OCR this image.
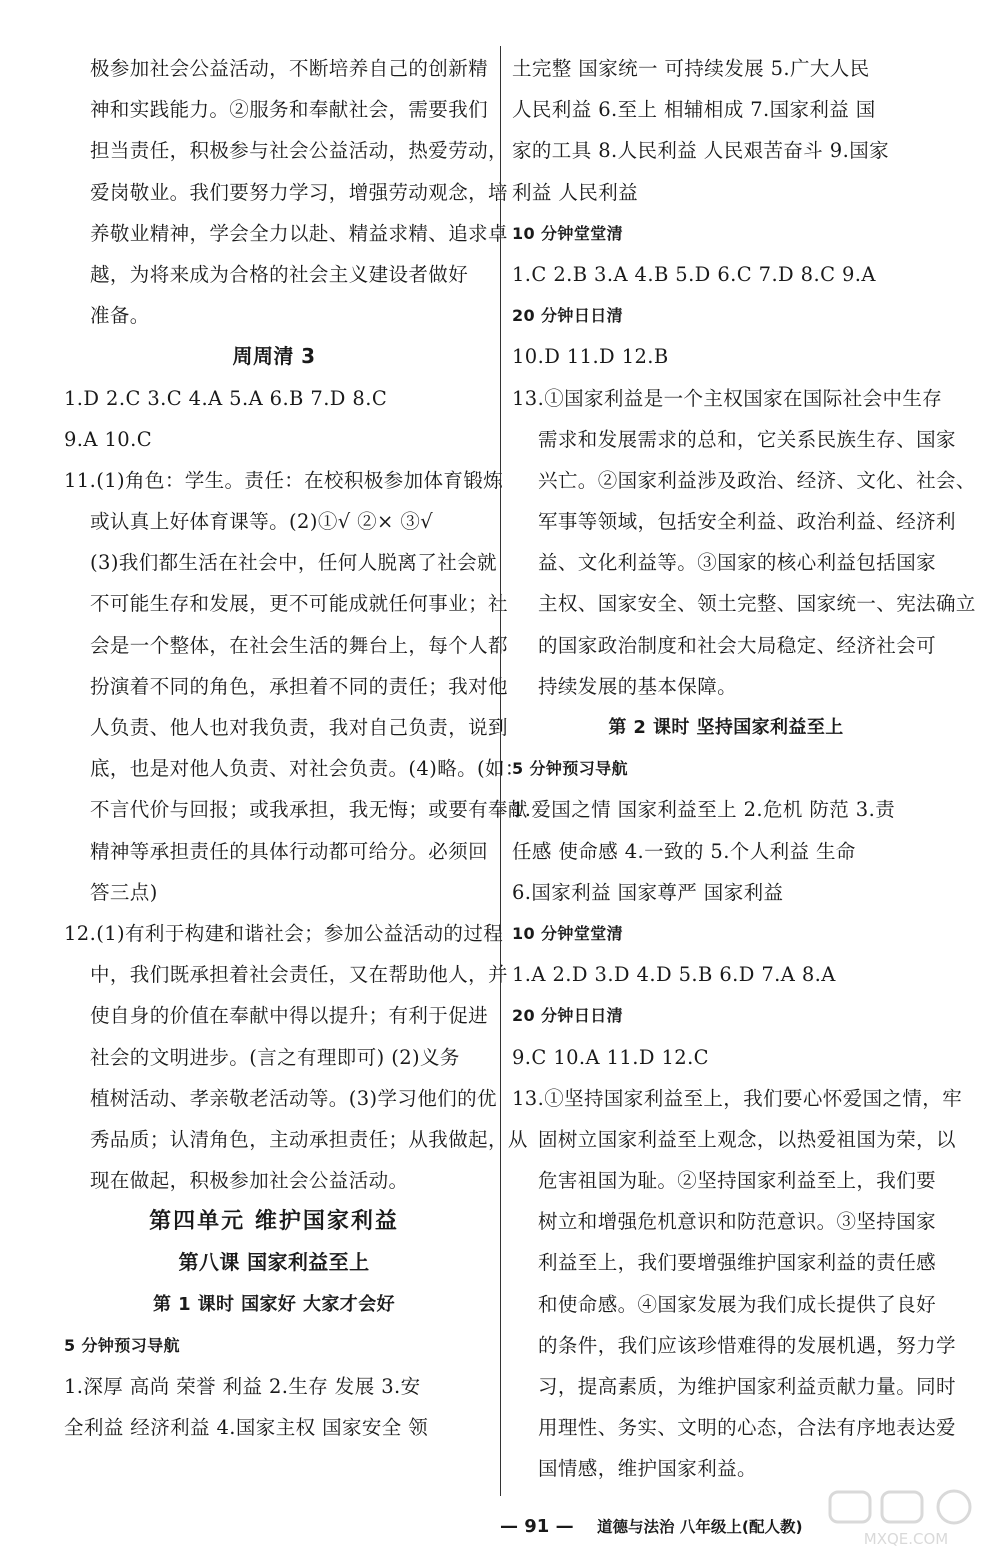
极参加社会公益活动，不断培养自己的创新精
神和实践能力。②服务和奉献社会，需要我们
担当责任，积极参与社会公益活动，热爱劳动，
爱岗敬业。我们要努力学习，增强劳动观念，培
养敬业精神，学会全力以赴、精益求精、追求卓
越，为将来成为合格的社会主义建设者做好
准备。
周周清 3
1.D 2.C 3.C 4.A 5.A 6.B 7.D 8.C
9.A 10.C
11.(1)角色：学生。责任：在校积极参加体育锻炼
或认真上好体育课等。(2)①√ ②× ③√
(3)我们都生活在社会中，任何人脱离了社会就
不可能生存和发展，更不可能成就任何事业；社
会是一个整体，在社会生活的舞台上，每个人都
扮演着不同的角色，承担着不同的责任；我对他
人负责、他人也对我负责，我对自己负责，说到
底，也是对他人负责、对社会负责。(4)略。(如：
不言代价与回报；或我承担，我无悔；或要有奉献
精神等承担责任的具体行动都可给分。必须回
答三点)
12.(1)有利于构建和谐社会；参加公益活动的过程
中，我们既承担着社会责任，又在帮助他人，并
使自身的价值在奉献中得以提升；有利于促进
社会的文明进步。(言之有理即可) (2)义务
植树活动、孝亲敬老活动等。(3)学习他们的优
秀品质；认清角色，主动承担责任；从我做起，从
现在做起，积极参加社会公益活动。
第四单元 维护国家利益
第八课 国家利益至上
第 1 课时 国家好 大家才会好
5 分钟预习导航
1.深厚 高尚 荣誉 利益 2.生存 发展 3.安
全利益 经济利益 4.国家主权 国家安全 领
土完整 国家统一 可持续发展 5.广大人民
人民利益 6.至上 相辅相成 7.国家利益 国
家的工具 8.人民利益 人民艰苦奋斗 9.国家
利益 人民利益
10 分钟堂堂清
1.C 2.B 3.A 4.B 5.D 6.C 7.D 8.C 9.A
20 分钟日日清
10.D 11.D 12.B
13.①国家利益是一个主权国家在国际社会中生存
需求和发展需求的总和，它关系民族生存、国家
兴亡。②国家利益涉及政治、经济、文化、社会、
军事等领域，包括安全利益、政治利益、经济利
益、文化利益等。③国家的核心利益包括国家
主权、国家安全、领土完整、国家统一、宪法确立
的国家政治制度和社会大局稳定、经济社会可
持续发展的基本保障。
第 2 课时 坚持国家利益至上
5 分钟预习导航
1.爱国之情 国家利益至上 2.危机 防范 3.责
任感 使命感 4.一致的 5.个人利益 生命
6.国家利益 国家尊严 国家利益
10 分钟堂堂清
1.A 2.D 3.D 4.D 5.B 6.D 7.A 8.A
20 分钟日日清
9.C 10.A 11.D 12.C
13.①坚持国家利益至上，我们要心怀爱国之情，牢
固树立国家利益至上观念，以热爱祖国为荣，以
危害祖国为耻。②坚持国家利益至上，我们要
树立和增强危机意识和防范意识。③坚持国家
利益至上，我们要增强维护国家利益的责任感
和使命感。④国家发展为我们成长提供了良好
的条件，我们应该珍惜难得的发展机遇，努力学
习，提高素质，为维护国家利益贡献力量。同时
用理性、务实、文明的心态，合法有序地表达爱
国情感，维护国家利益。
— 91 — 道德与法治 八年级上(配人教)
MXQE.COM
